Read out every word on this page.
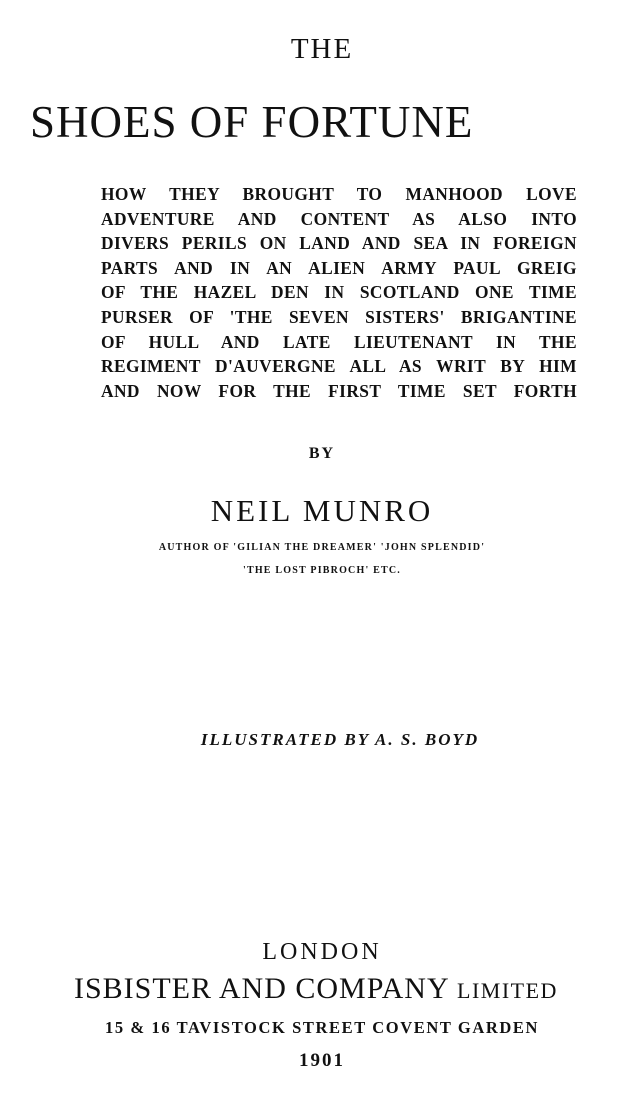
THE
SHOES OF FORTUNE
HOW THEY BROUGHT TO MANHOOD LOVE
ADVENTURE AND CONTENT AS ALSO INTO
DIVERS PERILS ON LAND AND SEA IN FOREIGN
PARTS AND IN AN ALIEN ARMY PAUL GREIG
OF THE HAZEL DEN IN SCOTLAND ONE TIME
PURSER OF 'THE SEVEN SISTERS' BRIGANTINE
OF HULL AND LATE LIEUTENANT IN THE
REGIMENT D'AUVERGNE ALL AS WRIT BY HIM
AND NOW FOR THE FIRST TIME SET FORTH
BY
NEIL MUNRO
AUTHOR OF 'GILIAN THE DREAMER' 'JOHN SPLENDID'
'THE LOST PIBROCH' ETC.
ILLUSTRATED BY A. S. BOYD
LONDON
ISBISTER AND COMPANY LIMITED
15 & 16 TAVISTOCK STREET COVENT GARDEN
1901
